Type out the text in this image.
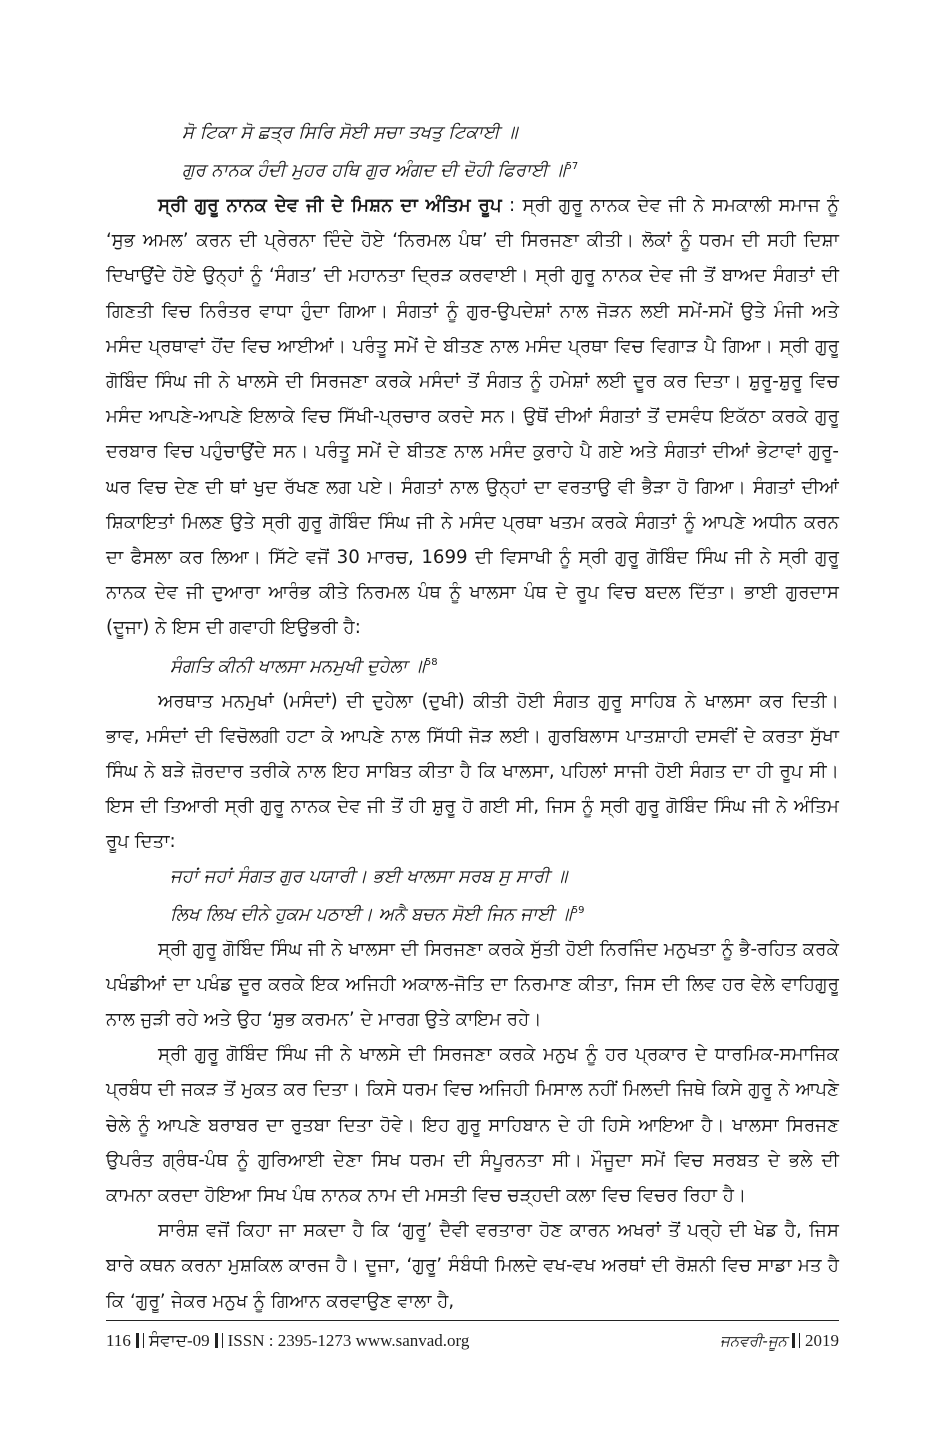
ਸੋ ਟਿਕਾ ਸੋ ਛਤ੍ਰ ਸਿਰਿ ਸੋਈ ਸਚਾ ਤਖਤੁ ਟਿਕਾਈ ॥

ਗੁਰ ਨਾਨਕ ਹੰਦੀ ਮੁਹਰ ਹਥਿ ਗੁਰ ਅੰਗਦ ਦੀ ਦੋਹੀ ਫਿਰਾਈ ॥$^{57}$

ਸ੍ਰੀ ਗੁਰੂ ਨਾਨਕ ਦੇਵ ਜੀ ਦੇ ਮਿਸ਼ਨ ਦਾ ਅੰਤਿਮ ਰੂਪ : ਸ੍ਰੀ ਗੁਰੂ ਨਾਨਕ ਦੇਵ ਜੀ ਨੇ ਸਮਕਾਲੀ ਸਮਾਜ ਨੂੰ ‘ਸੁਭ ਅਮਲ’ ਕਰਨ ਦੀ ਪ੍ਰੇਰਨਾ ਦਿੰਦੇ ਹੋਏ ‘ਨਿਰਮਲ ਪੰਥ’ ਦੀ ਸਿਰਜਣਾ ਕੀਤੀ। ਲੋਕਾਂ ਨੂੰ ਧਰਮ ਦੀ ਸਹੀ ਦਿਸ਼ਾ ਦਿਖਾਉਂਦੇ ਹੋਏ ਉਨ੍ਹਾਂ ਨੂੰ ‘ਸੰਗਤ’ ਦੀ ਮਹਾਨਤਾ ਦ੍ਰਿੜ ਕਰਵਾਈ। ਸ੍ਰੀ ਗੁਰੂ ਨਾਨਕ ਦੇਵ ਜੀ ਤੋਂ ਬਾਅਦ ਸੰਗਤਾਂ ਦੀ ਗਿਣਤੀ ਵਿਚ ਨਿਰੰਤਰ ਵਾਧਾ ਹੁੰਦਾ ਗਿਆ। ਸੰਗਤਾਂ ਨੂੰ ਗੁਰ-ਉਪਦੇਸ਼ਾਂ ਨਾਲ ਜੋੜਨ ਲਈ ਸਮੇਂ-ਸਮੇਂ ਉਤੇ ਮੰਜੀ ਅਤੇ ਮਸੰਦ ਪ੍ਰਥਾਵਾਂ ਹੋਂਦ ਵਿਚ ਆਈਆਂ। ਪਰੰਤੂ ਸਮੇਂ ਦੇ ਬੀਤਣ ਨਾਲ ਮਸੰਦ ਪ੍ਰਥਾ ਵਿਚ ਵਿਗਾੜ ਪੈ ਗਿਆ। ਸ੍ਰੀ ਗੁਰੂ ਗੋਬਿੰਦ ਸਿੰਘ ਜੀ ਨੇ ਖਾਲਸੇ ਦੀ ਸਿਰਜਣਾ ਕਰਕੇ ਮਸੰਦਾਂ ਤੋਂ ਸੰਗਤ ਨੂੰ ਹਮੇਸ਼ਾਂ ਲਈ ਦੂਰ ਕਰ ਦਿਤਾ। ਸ਼ੁਰੂ-ਸ਼ੁਰੂ ਵਿਚ ਮਸੰਦ ਆਪਣੇ-ਆਪਣੇ ਇਲਾਕੇ ਵਿਚ ਸਿੱਖੀ-ਪ੍ਰਚਾਰ ਕਰਦੇ ਸਨ। ਉਥੋਂ ਦੀਆਂ ਸੰਗਤਾਂ ਤੋਂ ਦਸਵੰਧ ਇਕੱਠਾ ਕਰਕੇ ਗੁਰੂ ਦਰਬਾਰ ਵਿਚ ਪਹੁੰਚਾਉਂਦੇ ਸਨ। ਪਰੰਤੂ ਸਮੇਂ ਦੇ ਬੀਤਣ ਨਾਲ ਮਸੰਦ ਕੁਰਾਹੇ ਪੈ ਗਏ ਅਤੇ ਸੰਗਤਾਂ ਦੀਆਂ ਭੇਟਾਵਾਂ ਗੁਰੂ-ਘਰ ਵਿਚ ਦੇਣ ਦੀ ਥਾਂ ਖੁਦ ਰੱਖਣ ਲਗ ਪਏ। ਸੰਗਤਾਂ ਨਾਲ ਉਨ੍ਹਾਂ ਦਾ ਵਰਤਾਉ ਵੀ ਭੈੜਾ ਹੋ ਗਿਆ। ਸੰਗਤਾਂ ਦੀਆਂ ਸ਼ਿਕਾਇਤਾਂ ਮਿਲਣ ਉਤੇ ਸ੍ਰੀ ਗੁਰੂ ਗੋਬਿੰਦ ਸਿੰਘ ਜੀ ਨੇ ਮਸੰਦ ਪ੍ਰਥਾ ਖਤਮ ਕਰਕੇ ਸੰਗਤਾਂ ਨੂੰ ਆਪਣੇ ਅਧੀਨ ਕਰਨ ਦਾ ਫੈਸਲਾ ਕਰ ਲਿਆ। ਸਿੱਟੇ ਵਜੋਂ 30 ਮਾਰਚ, 1699 ਦੀ ਵਿਸਾਖੀ ਨੂੰ ਸ੍ਰੀ ਗੁਰੂ ਗੋਬਿੰਦ ਸਿੰਘ ਜੀ ਨੇ ਸ੍ਰੀ ਗੁਰੂ ਨਾਨਕ ਦੇਵ ਜੀ ਦੁਆਰਾ ਆਰੰਭ ਕੀਤੇ ਨਿਰਮਲ ਪੰਥ ਨੂੰ ਖਾਲਸਾ ਪੰਥ ਦੇ ਰੂਪ ਵਿਚ ਬਦਲ ਦਿੱਤਾ। ਭਾਈ ਗੁਰਦਾਸ (ਦੂਜਾ) ਨੇ ਇਸ ਦੀ ਗਵਾਹੀ ਇਉਭਰੀ ਹੈ:

ਸੰਗਤਿ ਕੀਨੀ ਖਾਲਸਾ ਮਨਮੁਖੀ ਦੁਹੇਲਾ ॥$^{58}$

ਅਰਥਾਤ ਮਨਮੁਖਾਂ (ਮਸੰਦਾਂ) ਦੀ ਦੁਹੇਲਾ (ਦੁਖੀ) ਕੀਤੀ ਹੋਈ ਸੰਗਤ ਗੁਰੂ ਸਾਹਿਬ ਨੇ ਖਾਲਸਾ ਕਰ ਦਿਤੀ। ਭਾਵ, ਮਸੰਦਾਂ ਦੀ ਵਿਚੋਲਗੀ ਹਟਾ ਕੇ ਆਪਣੇ ਨਾਲ ਸਿੱਧੀ ਜੋੜ ਲਈ। ਗੁਰਬਿਲਾਸ ਪਾਤਸ਼ਾਹੀ ਦਸਵੀਂ ਦੇ ਕਰਤਾ ਸੁੱਖਾ ਸਿੰਘ ਨੇ ਬੜੇ ਜ਼ੋਰਦਾਰ ਤਰੀਕੇ ਨਾਲ ਇਹ ਸਾਬਿਤ ਕੀਤਾ ਹੈ ਕਿ ਖਾਲਸਾ, ਪਹਿਲਾਂ ਸਾਜੀ ਹੋਈ ਸੰਗਤ ਦਾ ਹੀ ਰੂਪ ਸੀ। ਇਸ ਦੀ ਤਿਆਰੀ ਸ੍ਰੀ ਗੁਰੂ ਨਾਨਕ ਦੇਵ ਜੀ ਤੋਂ ਹੀ ਸ਼ੁਰੂ ਹੋ ਗਈ ਸੀ, ਜਿਸ ਨੂੰ ਸ੍ਰੀ ਗੁਰੂ ਗੋਬਿੰਦ ਸਿੰਘ ਜੀ ਨੇ ਅੰਤਿਮ ਰੂਪ ਦਿਤਾ:

ਜਹਾਂ ਜਹਾਂ ਸੰਗਤ ਗੁਰ ਪਯਾਰੀ। ਭਈ ਖਾਲਸਾ ਸਰਬ ਸੁ ਸਾਰੀ ॥

ਲਿਖ ਲਿਖ ਦੀਨੇ ਹੁਕਮ ਪਠਾਈ। ਅਨੈ ਬਚਨ ਸੋਈ ਜਿਨ ਜਾਈ ॥$^{59}$

ਸ੍ਰੀ ਗੁਰੂ ਗੋਬਿੰਦ ਸਿੰਘ ਜੀ ਨੇ ਖਾਲਸਾ ਦੀ ਸਿਰਜਣਾ ਕਰਕੇ ਸੁੱਤੀ ਹੋਈ ਨਿਰਜਿੰਦ ਮਨੁਖਤਾ ਨੂੰ ਭੈ-ਰਹਿਤ ਕਰਕੇ ਪਖੰਡੀਆਂ ਦਾ ਪਖੰਡ ਦੂਰ ਕਰਕੇ ਇਕ ਅਜਿਹੀ ਅਕਾਲ-ਜੋਤਿ ਦਾ ਨਿਰਮਾਣ ਕੀਤਾ, ਜਿਸ ਦੀ ਲਿਵ ਹਰ ਵੇਲੇ ਵਾਹਿਗੁਰੂ ਨਾਲ ਜੁੜੀ ਰਹੇ ਅਤੇ ਉਹ ‘ਸ਼ੁਭ ਕਰਮਨ’ ਦੇ ਮਾਰਗ ਉਤੇ ਕਾਇਮ ਰਹੇ।

ਸ੍ਰੀ ਗੁਰੂ ਗੋਬਿੰਦ ਸਿੰਘ ਜੀ ਨੇ ਖਾਲਸੇ ਦੀ ਸਿਰਜਣਾ ਕਰਕੇ ਮਨੁਖ ਨੂੰ ਹਰ ਪ੍ਰਕਾਰ ਦੇ ਧਾਰਮਿਕ-ਸਮਾਜਿਕ ਪ੍ਰਬੰਧ ਦੀ ਜਕੜ ਤੋਂ ਮੁਕਤ ਕਰ ਦਿਤਾ। ਕਿਸੇ ਧਰਮ ਵਿਚ ਅਜਿਹੀ ਮਿਸਾਲ ਨਹੀਂ ਮਿਲਦੀ ਜਿਥੇ ਕਿਸੇ ਗੁਰੂ ਨੇ ਆਪਣੇ ਚੇਲੇ ਨੂੰ ਆਪਣੇ ਬਰਾਬਰ ਦਾ ਰੁਤਬਾ ਦਿਤਾ ਹੋਵੇ। ਇਹ ਗੁਰੂ ਸਾਹਿਬਾਨ ਦੇ ਹੀ ਹਿਸੇ ਆਇਆ ਹੈ। ਖਾਲਸਾ ਸਿਰਜਣ ਉਪਰੰਤ ਗ੍ਰੰਥ-ਪੰਥ ਨੂੰ ਗੁਰਿਆਈ ਦੇਣਾ ਸਿਖ ਧਰਮ ਦੀ ਸੰਪੂਰਨਤਾ ਸੀ। ਮੌਜੂਦਾ ਸਮੇਂ ਵਿਚ ਸਰਬਤ ਦੇ ਭਲੇ ਦੀ ਕਾਮਨਾ ਕਰਦਾ ਹੋਇਆ ਸਿਖ ਪੰਥ ਨਾਨਕ ਨਾਮ ਦੀ ਮਸਤੀ ਵਿਚ ਚੜ੍ਹਦੀ ਕਲਾ ਵਿਚ ਵਿਚਰ ਰਿਹਾ ਹੈ।

ਸਾਰੰਸ਼ ਵਜੋਂ ਕਿਹਾ ਜਾ ਸਕਦਾ ਹੈ ਕਿ ‘ਗੁਰੂ’ ਦੈਵੀ ਵਰਤਾਰਾ ਹੋਣ ਕਾਰਨ ਅਖਰਾਂ ਤੋਂ ਪਰ੍ਹੇ ਦੀ ਖੇਡ ਹੈ, ਜਿਸ ਬਾਰੇ ਕਥਨ ਕਰਨਾ ਮੁਸ਼ਕਿਲ ਕਾਰਜ ਹੈ। ਦੂਜਾ, ‘ਗੁਰੂ’ ਸੰਬੰਧੀ ਮਿਲਦੇ ਵਖ-ਵਖ ਅਰਥਾਂ ਦੀ ਰੋਸ਼ਨੀ ਵਿਚ ਸਾਡਾ ਮਤ ਹੈ ਕਿ ‘ਗੁਰੂ’ ਜੇਕਰ ਮਨੁਖ ਨੂੰ ਗਿਆਨ ਕਰਵਾਉਣ ਵਾਲਾ ਹੈ,

116 ਸੰਵਾਦ-09 ISSN : 2395-1273 www.sanvad.org	ਜਨਵਰੀ-ਜੂਨ 2019
